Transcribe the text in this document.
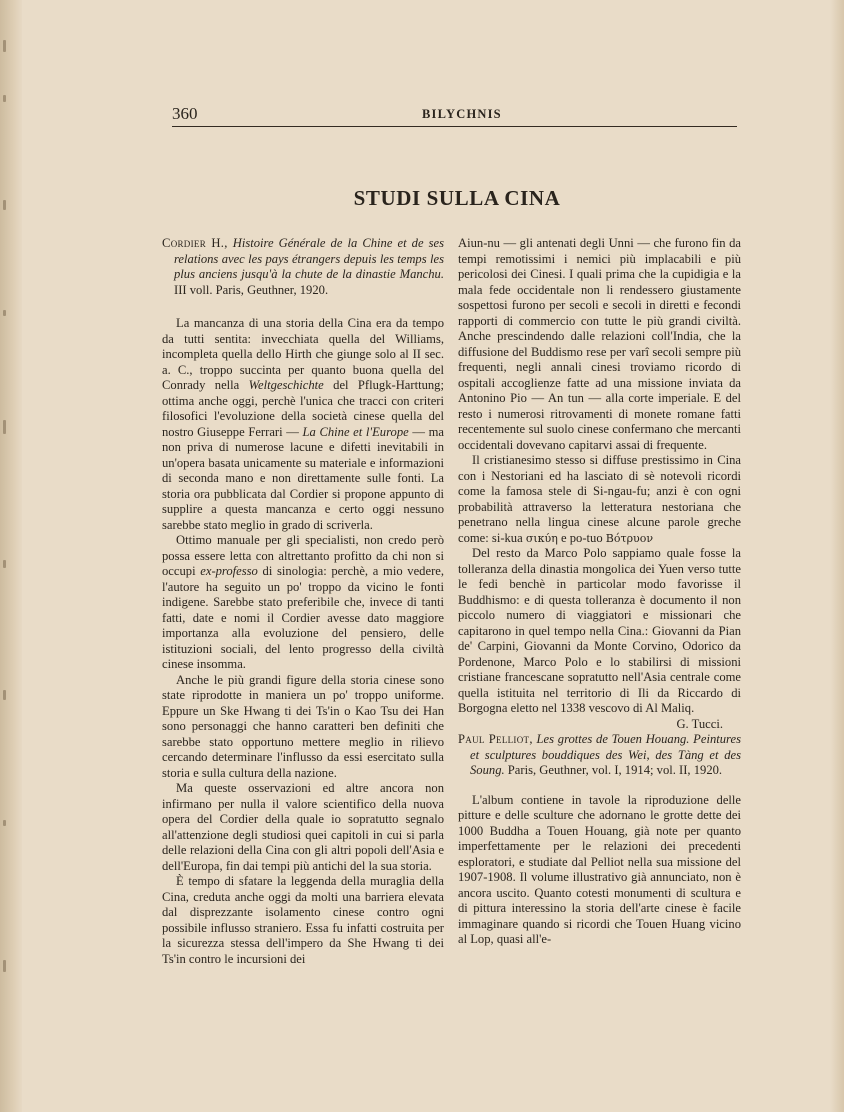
360	BILYCHNIS
STUDI SULLA CINA

Cordier H., Histoire Générale de la Chine et de ses relations avec les pays étrangers depuis les temps les plus anciens jusqu'à la chute de la dinastie Manchu. III voll. Paris, Geuthner, 1920.

La mancanza di una storia della Cina era da tempo da tutti sentita: invecchiata quella del Williams, incompleta quella dello Hirth che giunge solo al II sec. a. C., troppo succinta per quanto buona quella del Conrady nella Weltgeschichte del Pflugk-Harttung; ottima anche oggi, perchè l'unica che tracci con criteri filosofici l'evoluzione della società cinese quella del nostro Giuseppe Ferrari — La Chine et l'Europe — ma non priva di numerose lacune e difetti inevitabili in un'opera basata unicamente su materiale e informazioni di seconda mano e non direttamente sulle fonti. La storia ora pubblicata dal Cordier si propone appunto di supplire a questa mancanza e certo oggi nessuno sarebbe stato meglio in grado di scriverla.

Ottimo manuale per gli specialisti, non credo però possa essere letta con altrettanto profitto da chi non si occupi ex-professo di sinologia: perchè, a mio vedere, l'autore ha seguito un po' troppo da vicino le fonti indigene. Sarebbe stato preferibile che, invece di tanti fatti, date e nomi il Cordier avesse dato maggiore importanza alla evoluzione del pensiero, delle istituzioni sociali, del lento progresso della civiltà cinese insomma.

Anche le più grandi figure della storia cinese sono state riprodotte in maniera un po' troppo uniforme. Eppure un Ske Hwang ti dei Ts'in o Kao Tsu dei Han sono personaggi che hanno caratteri ben definiti che sarebbe stato opportuno mettere meglio in rilievo cercando determinare l'influsso da essi esercitato sulla storia e sulla cultura della nazione.

Ma queste osservazioni ed altre ancora non infirmano per nulla il valore scientifico della nuova opera del Cordier della quale io sopratutto segnalo all'attenzione degli studiosi quei capitoli in cui si parla delle relazioni della Cina con gli altri popoli dell'Asia e dell'Europa, fin dai tempi più antichi del la sua storia.

È tempo di sfatare la leggenda della muraglia della Cina, creduta anche oggi da molti una barriera elevata dal disprezzante isolamento cinese contro ogni possibile influsso straniero. Essa fu infatti costruita per la sicurezza stessa dell'impero da She Hwang ti dei Ts'in contro le incursioni dei

Aiun-nu — gli antenati degli Unni — che furono fin da tempi remotissimi i nemici più implacabili e più pericolosi dei Cinesi. I quali prima che la cupidigia e la mala fede occidentale non li rendessero giustamente sospettosi furono per secoli e secoli in diretti e fecondi rapporti di commercio con tutte le più grandi civiltà. Anche prescindendo dalle relazioni coll'India, che la diffusione del Buddismo rese per varî secoli sempre più frequenti, negli annali cinesi troviamo ricordo di ospitali accoglienze fatte ad una missione inviata da Antonino Pio — An tun — alla corte imperiale. E del resto i numerosi ritrovamenti di monete romane fatti recentemente sul suolo cinese confermano che mercanti occidentali dovevano capitarvi assai di frequente.

Il cristianesimo stesso si diffuse prestissimo in Cina con i Nestoriani ed ha lasciato di sè notevoli ricordi come la famosa stele di Si-ngau-fu; anzi è con ogni probabilità attraverso la letteratura nestoriana che penetrano nella lingua cinese alcune parole greche come: si-kua σικύη e po-tuo Βότρυον

Del resto da Marco Polo sappiamo quale fosse la tolleranza della dinastia mongolica dei Yuen verso tutte le fedi benchè in particolar modo favorisse il Buddhismo: e di questa tolleranza è documento il non piccolo numero di viaggiatori e missionari che capitarono in quel tempo nella Cina.: Giovanni da Pian de' Carpini, Giovanni da Monte Corvino, Odorico da Pordenone, Marco Polo e lo stabilirsi di missioni cristiane francescane sopratutto nell'Asia centrale come quella istituita nel territorio di Ili da Riccardo di Borgogna eletto nel 1338 vescovo di Al Maliq.

G. Tucci.

Paul Pelliot, Les grottes de Touen Houang. Peintures et sculptures bouddiques des Wei, des Tàng et des Soung. Paris, Geuthner, vol. I, 1914; vol. II, 1920.

L'album contiene in tavole la riproduzione delle pitture e delle sculture che adornano le grotte dette dei 1000 Buddha a Touen Houang, già note per quanto imperfettamente per le relazioni dei precedenti esploratori, e studiate dal Pelliot nella sua missione del 1907-1908. Il volume illustrativo già annunciato, non è ancora uscito. Quanto cotesti monumenti di scultura e di pittura interessino la storia dell'arte cinese è facile immaginare quando si ricordi che Touen Huang vicino al Lop, quasi all'e-
